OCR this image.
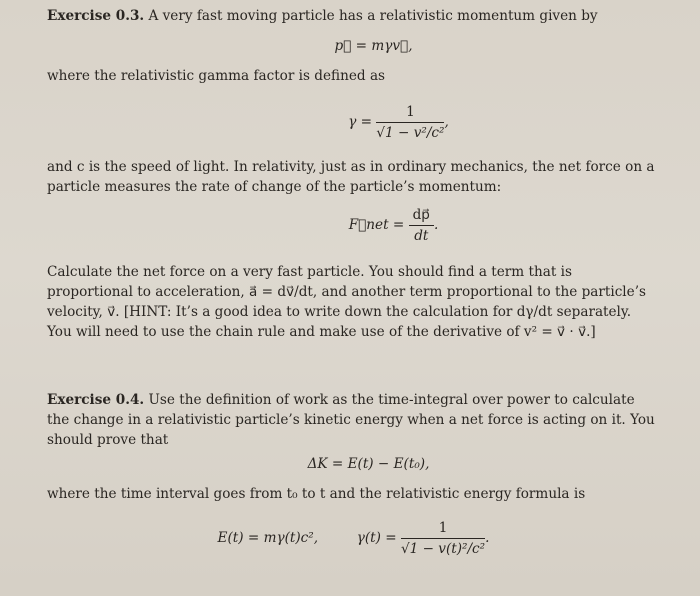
Exercise 0.3. A very fast moving particle has a relativistic momentum given by

p⃗ = mγv⃗,

where the relativistic gamma factor is defined as

$\gamma = \frac{1}{\text{√1 − v²/c²}}$ ,

and c is the speed of light. In relativity, just as in ordinary mechanics, the net force on a particle measures the rate of change of the particle’s momentum:

F⃗net = $\frac{dp⃗}{dt}$ .

Calculate the net force on a very fast particle. You should find a term that is proportional to acceleration, a⃗ = dv⃗/dt, and another term proportional to the particle’s velocity, v⃗. [HINT: It’s a good idea to write down the calculation for dγ/dt separately. You will need to use the chain rule and make use of the derivative of v² = v⃗ · v⃗.]

Exercise 0.4. Use the definition of work as the time-integral over power to calculate the change in a relativistic particle’s kinetic energy when a net force is acting on it. You should prove that

ΔK = E(t) − E(t₀),

where the time interval goes from t₀ to t and the relativistic energy formula is

E(t) = mγ(t)c²,	$\gamma(t) = \frac{1}{\text{√1 − v(t)²/c²}}$ .
